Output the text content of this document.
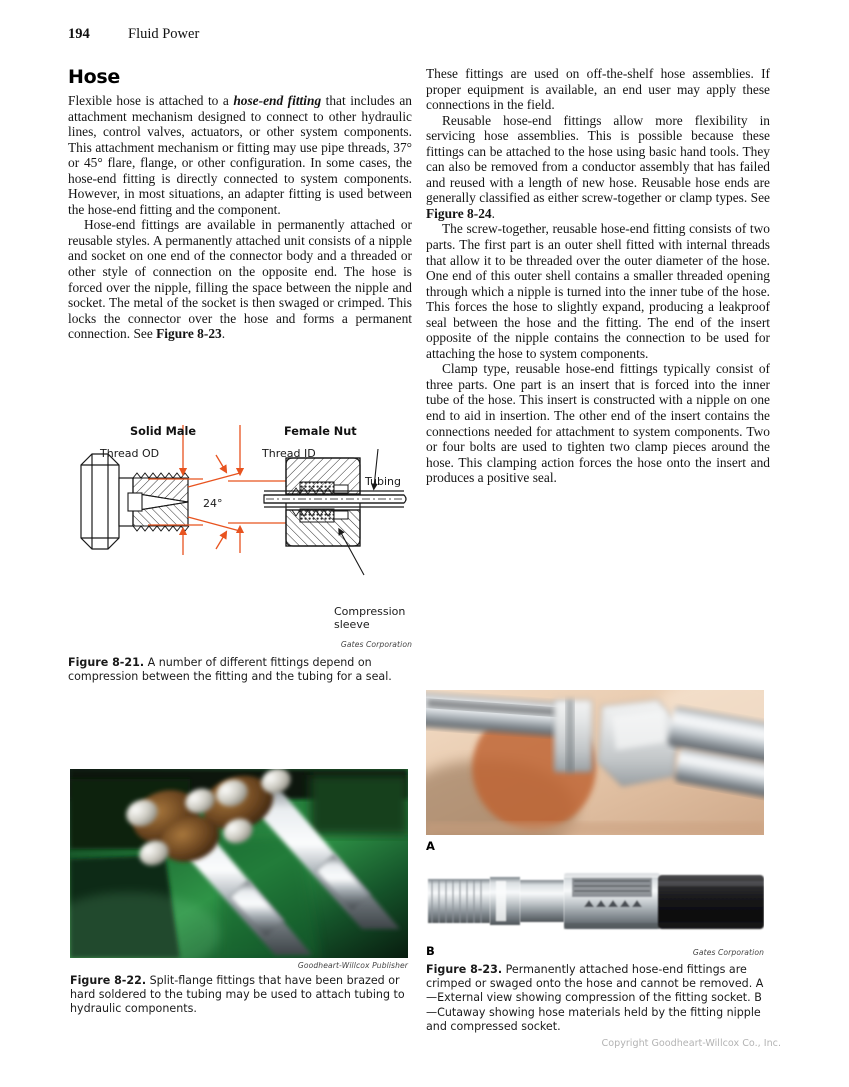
194	Fluid Power
Hose

Flexible hose is attached to a hose-end fitting that includes an attachment mechanism designed to connect to other hydraulic lines, control valves, actuators, or other system components. This attachment mechanism or fitting may use pipe threads, 37° or 45° flare, flange, or other configuration. In some cases, the hose-end fitting is directly connected to system components. However, in most situations, an adapter fitting is used between the hose-end fitting and the component.

Hose-end fittings are available in permanently attached or reusable styles. A permanently attached unit consists of a nipple and socket on one end of the connector body and a threaded or other style of connection on the opposite end. The hose is forced over the nipple, filling the space between the nipple and socket. The metal of the socket is then swaged or crimped. This locks the connector over the hose and forms a permanent connection. See Figure 8-23.

These fittings are used on off-the-shelf hose assemblies. If proper equipment is available, an end user may apply these connections in the field.

Reusable hose-end fittings allow more flexibility in servicing hose assemblies. This is possible because these fittings can be attached to the hose using basic hand tools. They can also be removed from a conductor assembly that has failed and reused with a length of new hose. Reusable hose ends are generally classified as either screw-together or clamp types. See Figure 8-24.

The screw-together, reusable hose-end fitting consists of two parts. The first part is an outer shell fitted with internal threads that allow it to be threaded over the outer diameter of the hose. One end of this outer shell contains a smaller threaded opening through which a nipple is turned into the inner tube of the hose. This forces the hose to slightly expand, producing a leakproof seal between the hose and the fitting. The end of the insert opposite of the nipple contains the connection to be used for attaching the hose to system components.

Clamp type, reusable hose-end fittings typically consist of three parts. One part is an insert that is forced into the inner tube of the hose. This insert is constructed with a nipple on one end to aid in insertion. The other end of the insert contains the connections needed for attachment to system components. Two or four bolts are used to tighten two clamp pieces around the hose. This clamping action forces the hose onto the insert and produces a positive seal.

Solid Male	Female Nut
24°
Thread OD	Thread ID
Tubing
Compression
sleeve
Gates Corporation
Figure 8-21. A number of different fittings depend on compression between the fitting and the tubing for a seal.
Goodheart-Willcox Publisher
Figure 8-22. Split-flange fittings that have been brazed or hard soldered to the tubing may be used to attach tubing to hydraulic components.
A
B	Gates Corporation
Figure 8-23. Permanently attached hose-end fittings are crimped or swaged onto the hose and cannot be removed. A—External view showing compression of the fitting socket. B—Cutaway showing hose materials held by the fitting nipple and compressed socket.
Copyright Goodheart-Willcox Co., Inc.
